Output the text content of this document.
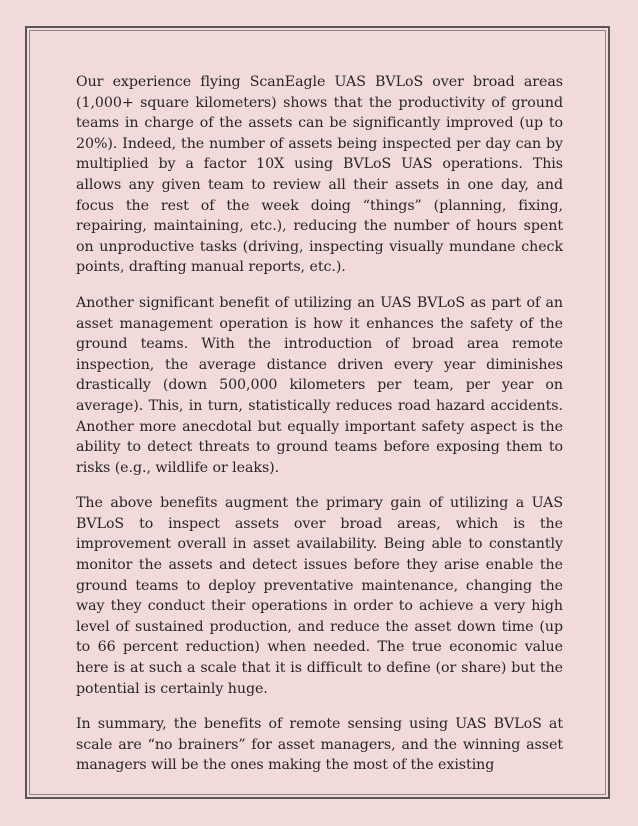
Our experience flying ScanEagle UAS BVLoS over broad areas (1,000+ square kilometers) shows that the productivity of ground teams in charge of the assets can be significantly improved (up to 20%). Indeed, the number of assets being inspected per day can by multiplied by a factor 10X using BVLoS UAS operations. This allows any given team to review all their assets in one day, and focus the rest of the week doing “things” (planning, fixing, repairing, maintaining, etc.), reducing the number of hours spent on unproductive tasks (driving, inspecting visually mundane check points, drafting manual reports, etc.).

Another significant benefit of utilizing an UAS BVLoS as part of an asset management operation is how it enhances the safety of the ground teams. With the introduction of broad area remote inspection, the average distance driven every year diminishes drastically (down 500,000 kilometers per team, per year on average). This, in turn, statistically reduces road hazard accidents. Another more anecdotal but equally important safety aspect is the ability to detect threats to ground teams before exposing them to risks (e.g., wildlife or leaks).

The above benefits augment the primary gain of utilizing a UAS BVLoS to inspect assets over broad areas, which is the improvement overall in asset availability. Being able to constantly monitor the assets and detect issues before they arise enable the ground teams to deploy preventative maintenance, changing the way they conduct their operations in order to achieve a very high level of sustained production, and reduce the asset down time (up to 66 percent reduction) when needed. The true economic value here is at such a scale that it is difficult to define (or share) but the potential is certainly huge.

In summary, the benefits of remote sensing using UAS BVLoS at scale are “no brainers” for asset managers, and the winning asset managers will be the ones making the most of the existing
